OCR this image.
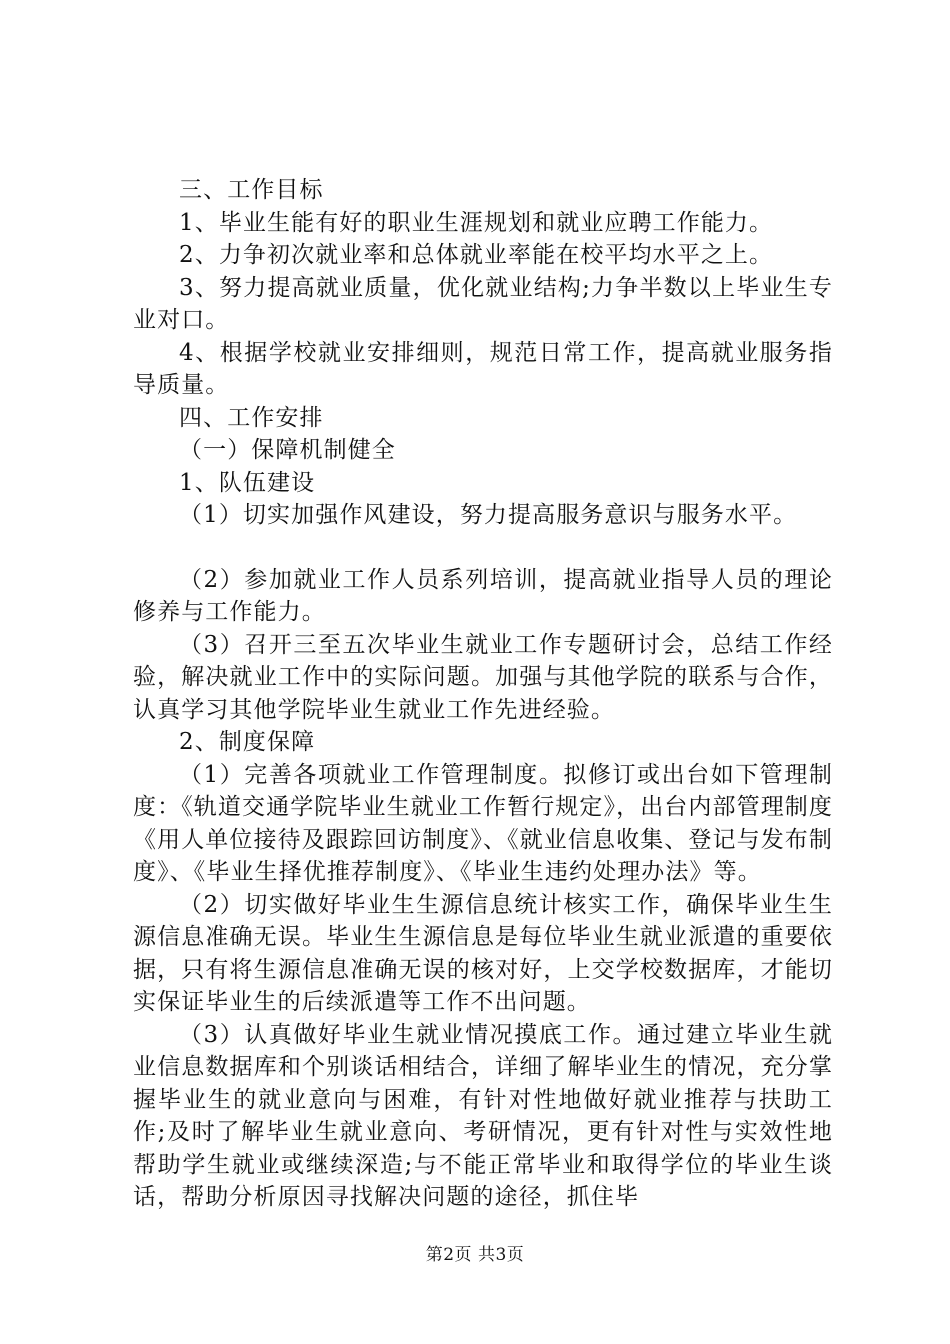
三、工作目标

1、毕业生能有好的职业生涯规划和就业应聘工作能力。

2、力争初次就业率和总体就业率能在校平均水平之上。

3、努力提高就业质量，优化就业结构;力争半数以上毕业生专业对口。

4、根据学校就业安排细则，规范日常工作，提高就业服务指导质量。

四、工作安排

（一）保障机制健全

1、队伍建设

（1）切实加强作风建设，努力提高服务意识与服务水平。

（2）参加就业工作人员系列培训，提高就业指导人员的理论修养与工作能力。

（3）召开三至五次毕业生就业工作专题研讨会，总结工作经验，解决就业工作中的实际问题。加强与其他学院的联系与合作，认真学习其他学院毕业生就业工作先进经验。

2、制度保障

（1）完善各项就业工作管理制度。拟修订或出台如下管理制度：《轨道交通学院毕业生就业工作暂行规定》，出台内部管理制度《用人单位接待及跟踪回访制度》、《就业信息收集、登记与发布制度》、《毕业生择优推荐制度》、《毕业生违约处理办法》等。

（2）切实做好毕业生生源信息统计核实工作，确保毕业生生源信息准确无误。毕业生生源信息是每位毕业生就业派遣的重要依据，只有将生源信息准确无误的核对好，上交学校数据库，才能切实保证毕业生的后续派遣等工作不出问题。

（3）认真做好毕业生就业情况摸底工作。通过建立毕业生就业信息数据库和个别谈话相结合，详细了解毕业生的情况，充分掌握毕业生的就业意向与困难，有针对性地做好就业推荐与扶助工作;及时了解毕业生就业意向、考研情况，更有针对性与实效性地帮助学生就业或继续深造;与不能正常毕业和取得学位的毕业生谈话，帮助分析原因寻找解决问题的途径，抓住毕

第2页 共3页
